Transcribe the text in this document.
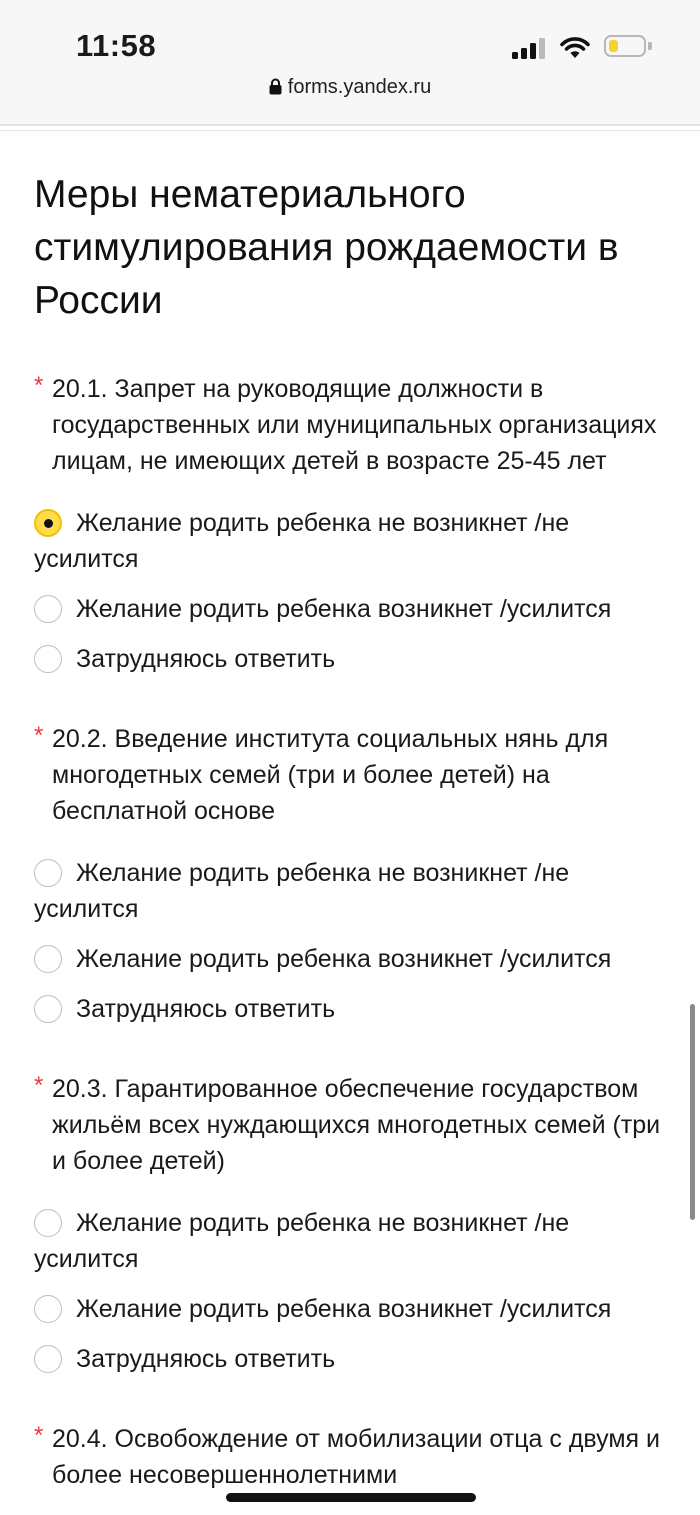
11:58
forms.yandex.ru
Меры нематериального стимулирования рождаемости в России
* 20.1. Запрет на руководящие должности в государственных или муниципальных организациях лицам, не имеющих детей в возрасте 25-45 лет
Желание родить ребенка не возникнет /не усилится
Желание родить ребенка возникнет /усилится
Затрудняюсь ответить
* 20.2. Введение института социальных нянь для многодетных семей (три и более детей) на бесплатной основе
Желание родить ребенка не возникнет /не усилится
Желание родить ребенка возникнет /усилится
Затрудняюсь ответить
* 20.3. Гарантированное обеспечение государством жильём всех нуждающихся многодетных семей (три и более детей)
Желание родить ребенка не возникнет /не усилится
Желание родить ребенка возникнет /усилится
Затрудняюсь ответить
* 20.4. Освобождение от мобилизации отца с двумя и более несовершеннолетними
